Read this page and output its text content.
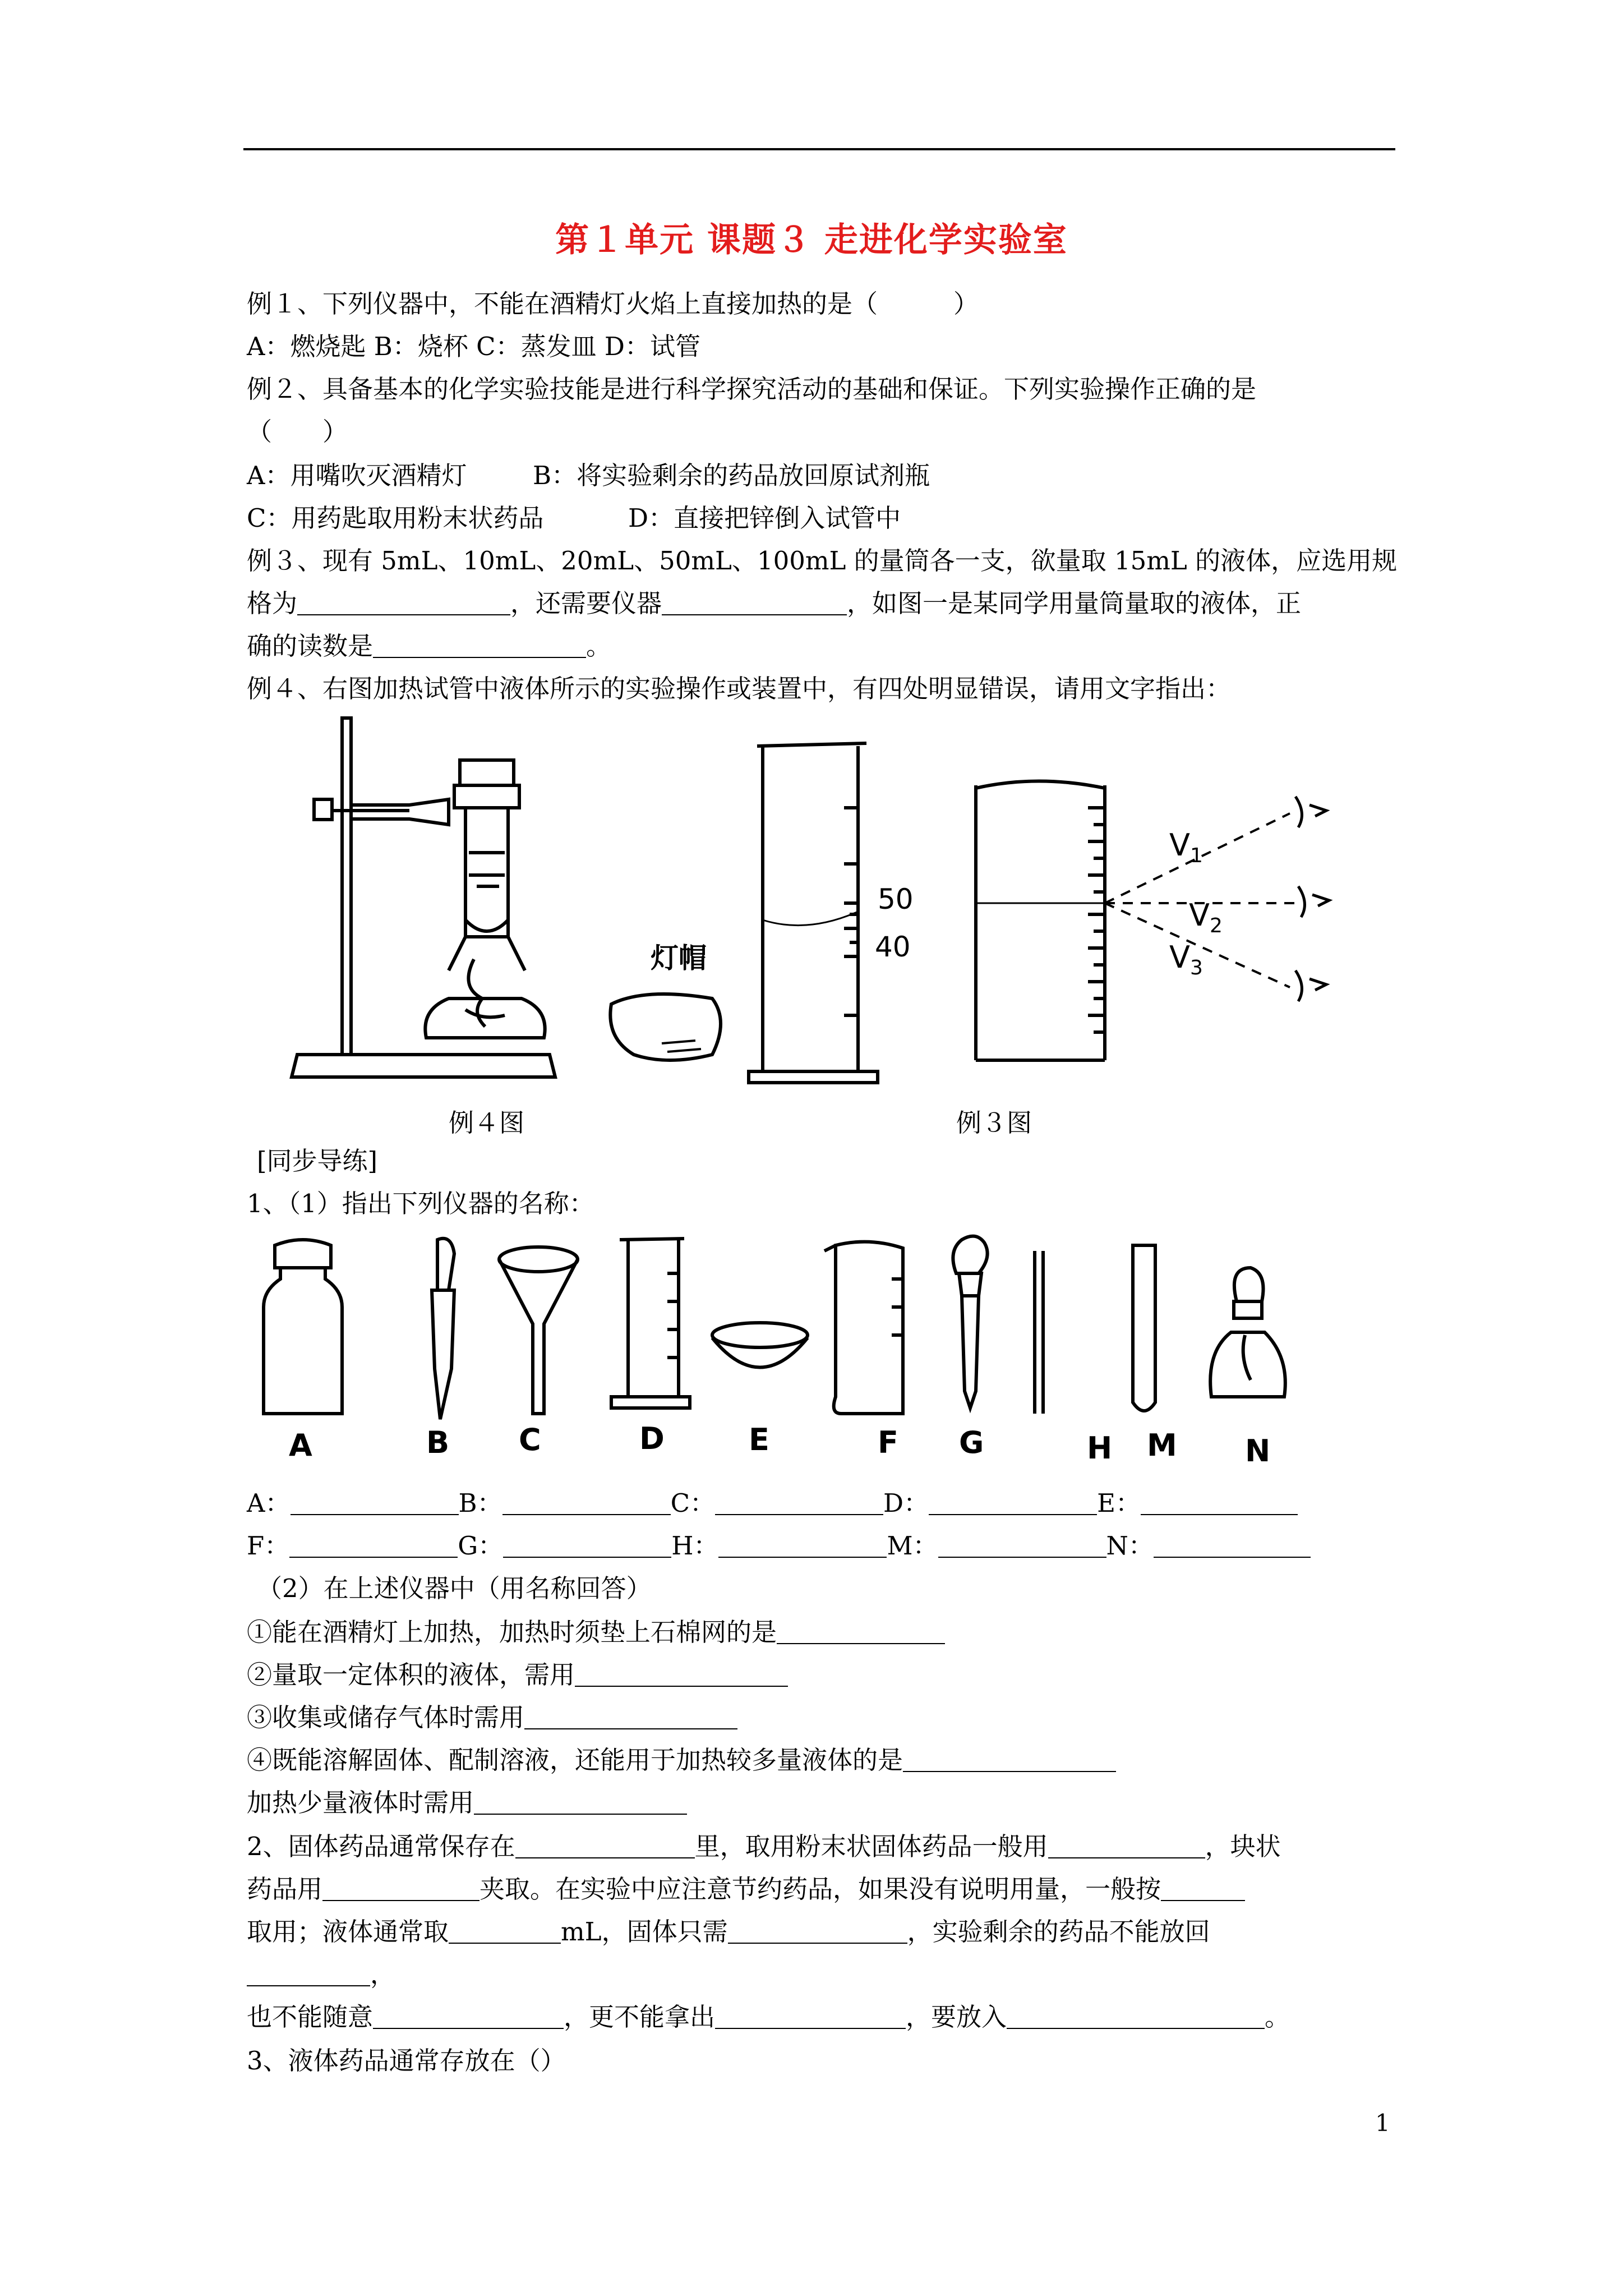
第１单元 课题３ 走进化学实验室
例１、下列仪器中，不能在酒精灯火焰上直接加热的是（　　　）
A：燃烧匙 B：烧杯 C：蒸发皿 D：试管
例２、具备基本的化学实验技能是进行科学探究活动的基础和保证。下列实验操作正确的是
（　　）
A：用嘴吹灭酒精灯	B：将实验剩余的药品放回原试剂瓶
C：用药匙取用粉末状药品	D：直接把锌倒入试管中
例３、现有 5mL、10mL、20mL、50mL、100mL 的量筒各一支，欲量取 15mL 的液体，应选用规
格为	，还需要仪器	，如图一是某同学用量筒量取的液体，正
确的读数是	。
例４、右图加热试管中液体所示的实验操作或装置中，有四处明显错误，请用文字指出：
灯帽
50
40
$V_1$
$V_2$
$V_3$
例４图	例３图
[同步导练]
1、（1）指出下列仪器的名称：
A	B C	D	E	F G	H M N
A：	B：	C：	D：	E：
F：	G：	H：	M：	N：
（2）在上述仪器中（用名称回答）
①能在酒精灯上加热，加热时须垫上石棉网的是
②量取一定体积的液体，需用
③收集或储存气体时需用
④既能溶解固体、配制溶液，还能用于加热较多量液体的是
加热少量液体时需用
2、固体药品通常保存在	里，取用粉末状固体药品一般用	，块状
药品用	夹取。在实验中应注意节约药品，如果没有说明用量，一般按
取用；液体通常取	mL，固体只需	，实验剩余的药品不能放回
，
也不能随意	，更不能拿出	，要放入	。
3、液体药品通常存放在（）
1
